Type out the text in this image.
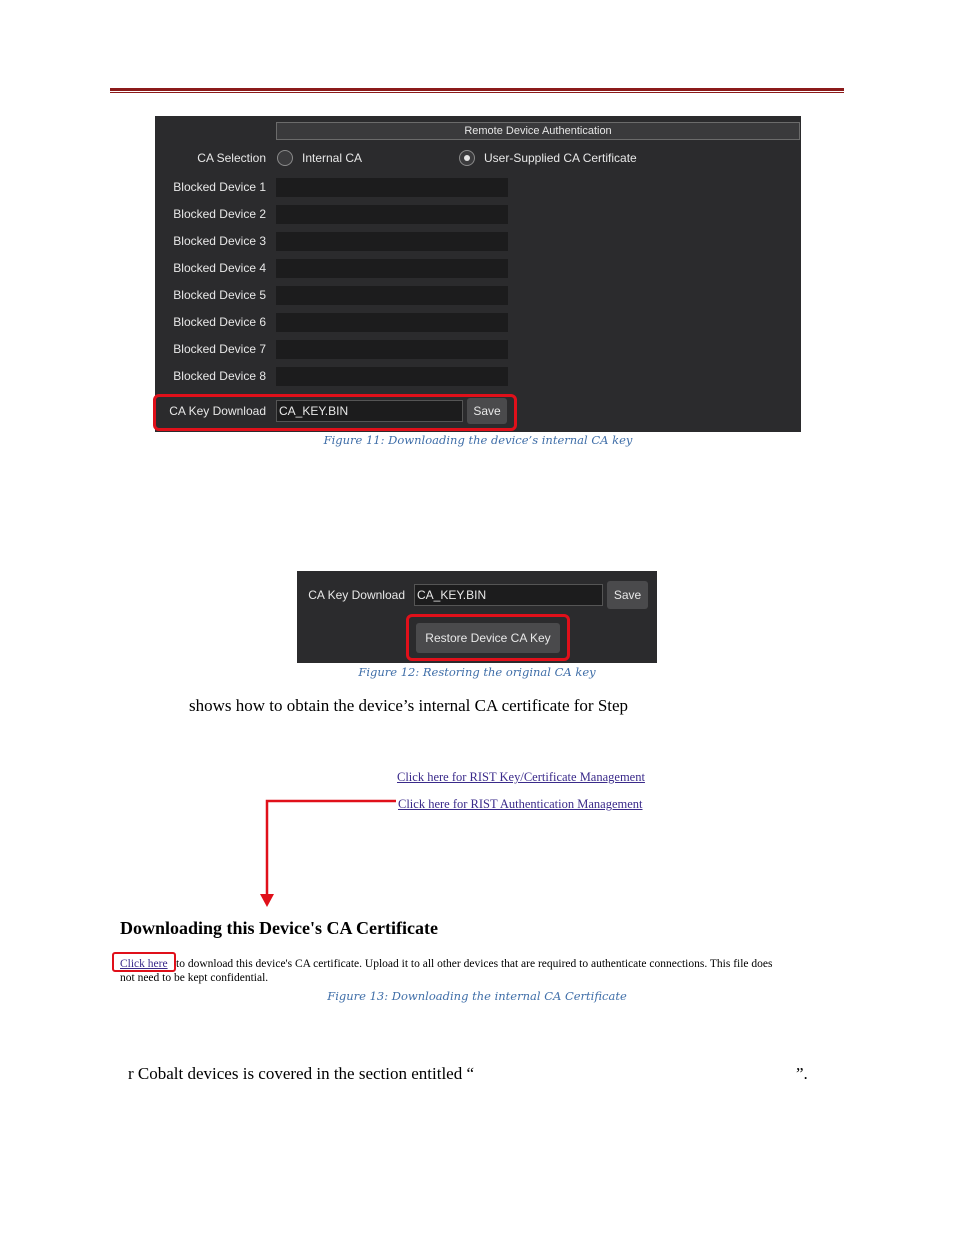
Remote Device Authentication
CA Selection	Internal CA	User-Supplied CA Certificate
Blocked Device 1
Blocked Device 2
Blocked Device 3
Blocked Device 4
Blocked Device 5
Blocked Device 6
Blocked Device 7
Blocked Device 8
CA Key Download CA_KEY.BIN	Save
Figure 11: Downloading the device’s internal CA key
CA Key Download CA_KEY.BIN	Save
Restore Device CA Key
Figure 12: Restoring the original CA key
shows how to obtain the device’s internal CA certificate for Step
Click here for RIST Key/Certificate Management
Click here for RIST Authentication Management
Downloading this Device's CA Certificate
Click here to download this device's CA certificate. Upload it to all other devices that are required to authenticate connections. This file does
not need to be kept confidential.
Figure 13: Downloading the internal CA Certificate
r Cobalt devices is covered in the section entitled “	”.
